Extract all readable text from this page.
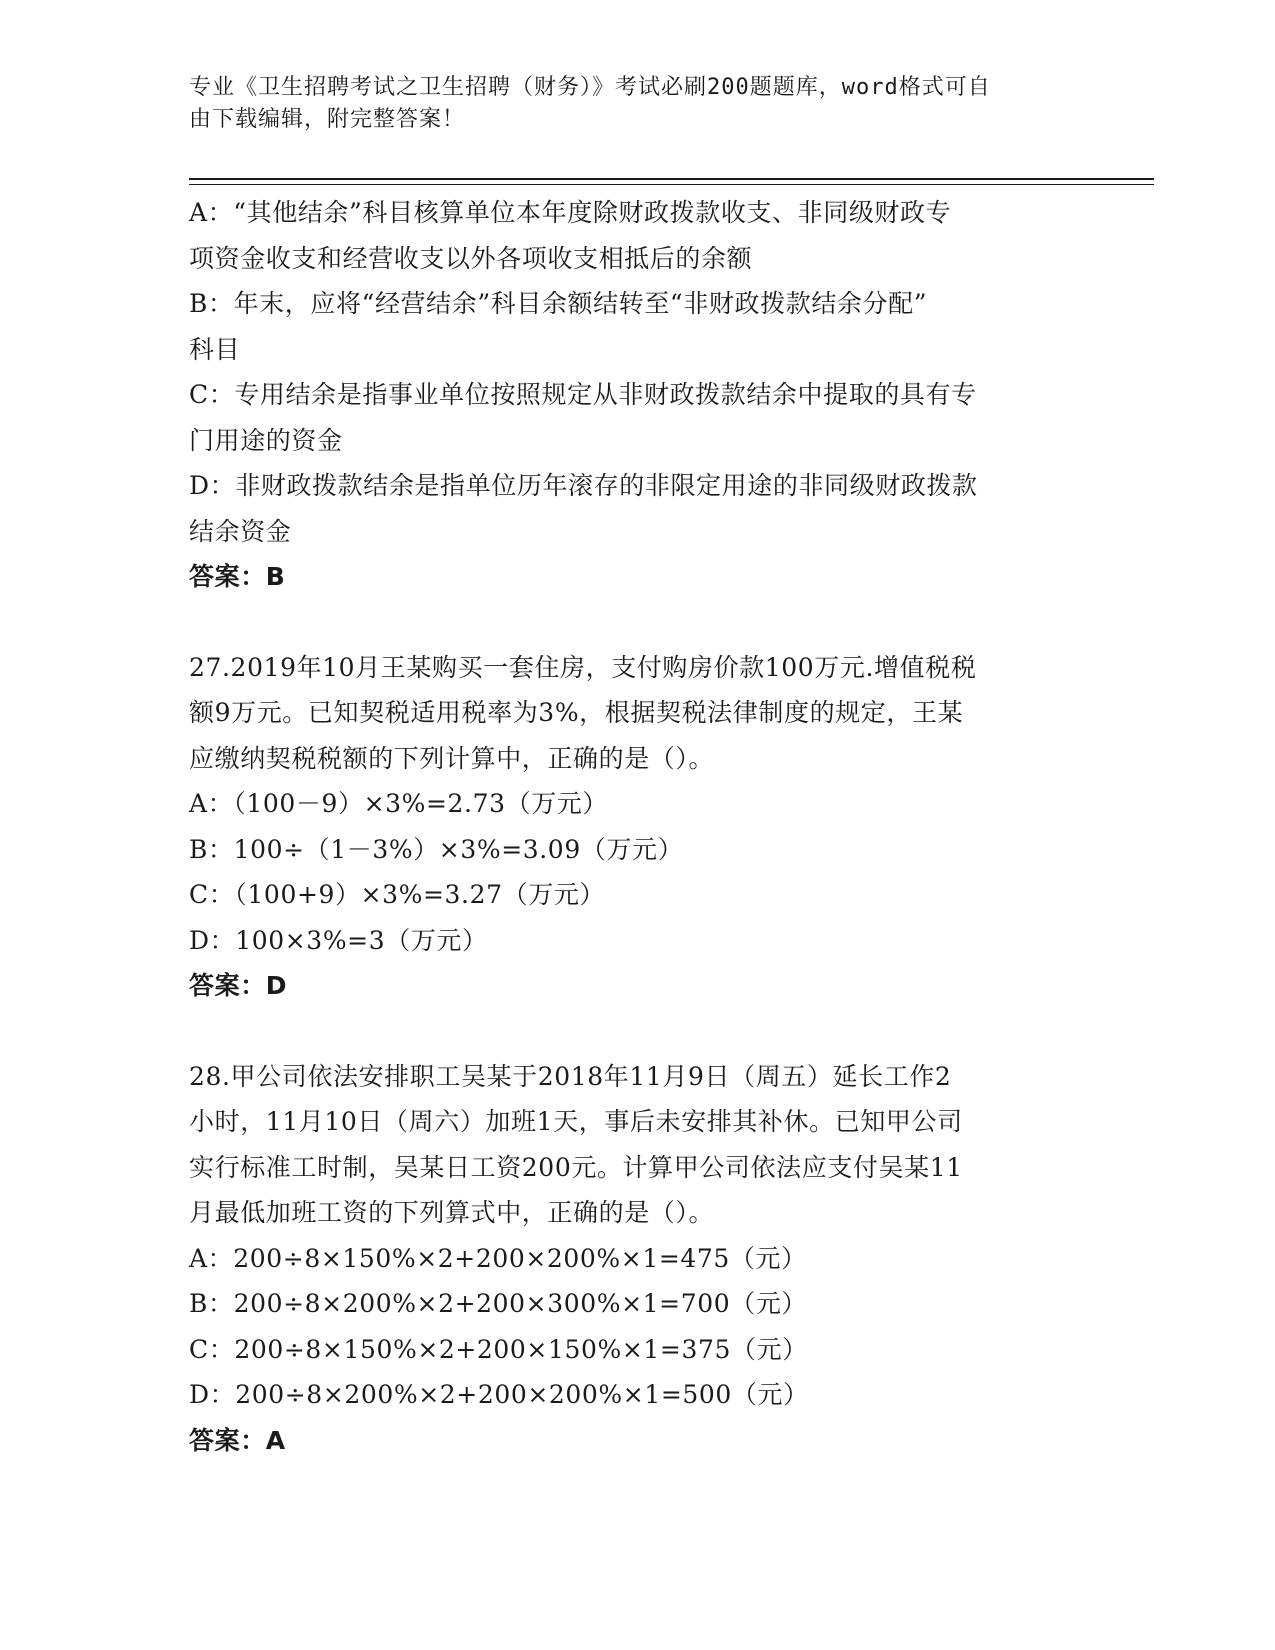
专业《卫生招聘考试之卫生招聘（财务）》考试必刷200题题库，word格式可自
由下载编辑，附完整答案！
A：“其他结余”科目核算单位本年度除财政拨款收支、非同级财政专
项资金收支和经营收支以外各项收支相抵后的余额
B：年末，应将“经营结余”科目余额结转至“非财政拨款结余分配”
科目
C：专用结余是指事业单位按照规定从非财政拨款结余中提取的具有专
门用途的资金
D：非财政拨款结余是指单位历年滚存的非限定用途的非同级财政拨款
结余资金
答案：B
27.2019年10月王某购买一套住房，支付购房价款100万元.增值税税
额9万元。已知契税适用税率为3%，根据契税法律制度的规定，王某
应缴纳契税税额的下列计算中，正确的是（）。
A：（100－9）×3%=2.73（万元）
B：100÷（1－3%）×3%=3.09（万元）
C：（100+9）×3%=3.27（万元）
D：100×3%=3（万元）
答案：D
28.甲公司依法安排职工吴某于2018年11月9日（周五）延长工作2
小时，11月10日（周六）加班1天，事后未安排其补休。已知甲公司
实行标准工时制，吴某日工资200元。计算甲公司依法应支付吴某11
月最低加班工资的下列算式中，正确的是（）。
A：200÷8×150%×2+200×200%×1=475（元）
B：200÷8×200%×2+200×300%×1=700（元）
C：200÷8×150%×2+200×150%×1=375（元）
D：200÷8×200%×2+200×200%×1=500（元）
答案：A
